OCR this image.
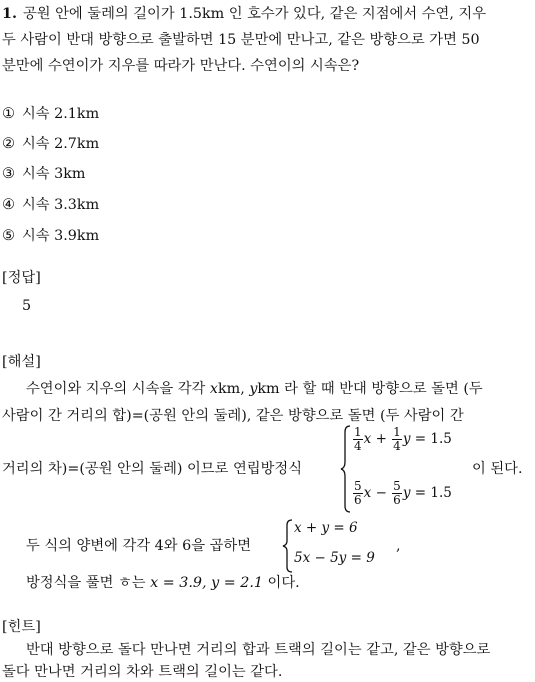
1. 공원 안에 둘레의 길이가 1.5km 인 호수가 있다, 같은 지점에서 수연, 지우
두 사람이 반대 방향으로 출발하면 15 분만에 만나고, 같은 방향으로 가면 50
분만에 수연이가 지우를 따라가 만난다. 수연이의 시속은?
① 시속 2.1km
② 시속 2.7km
③ 시속 3km
④ 시속 3.3km
⑤ 시속 3.9km
[정답]
5
[해설]
수연이와 지우의 시속을 각각 xkm, ykm 라 할 때 반대 방향으로 돌면 (두
사람이 간 거리의 합)=(공원 안의 둘레), 같은 방향으로 돌면 (두 사람이 간
거리의 차)=(공원 안의 둘레) 이므로 연립방정식
$\frac{1}{4}$ $x + \frac{1}{4}$ y = 1.5
$\frac{5}{6}$ $x - \frac{5}{6}$ y = 1.5
이 된다.
두 식의 양변에 각각 4와 6을 곱하면
x + y = 6
5x − 5y = 9
,
방정식을 풀면 ㅎ는 x = 3.9, y = 2.1 이다.
[힌트]
반대 방향으로 돌다 만나면 거리의 합과 트랙의 길이는 같고, 같은 방향으로
돌다 만나면 거리의 차와 트랙의 길이는 같다.
